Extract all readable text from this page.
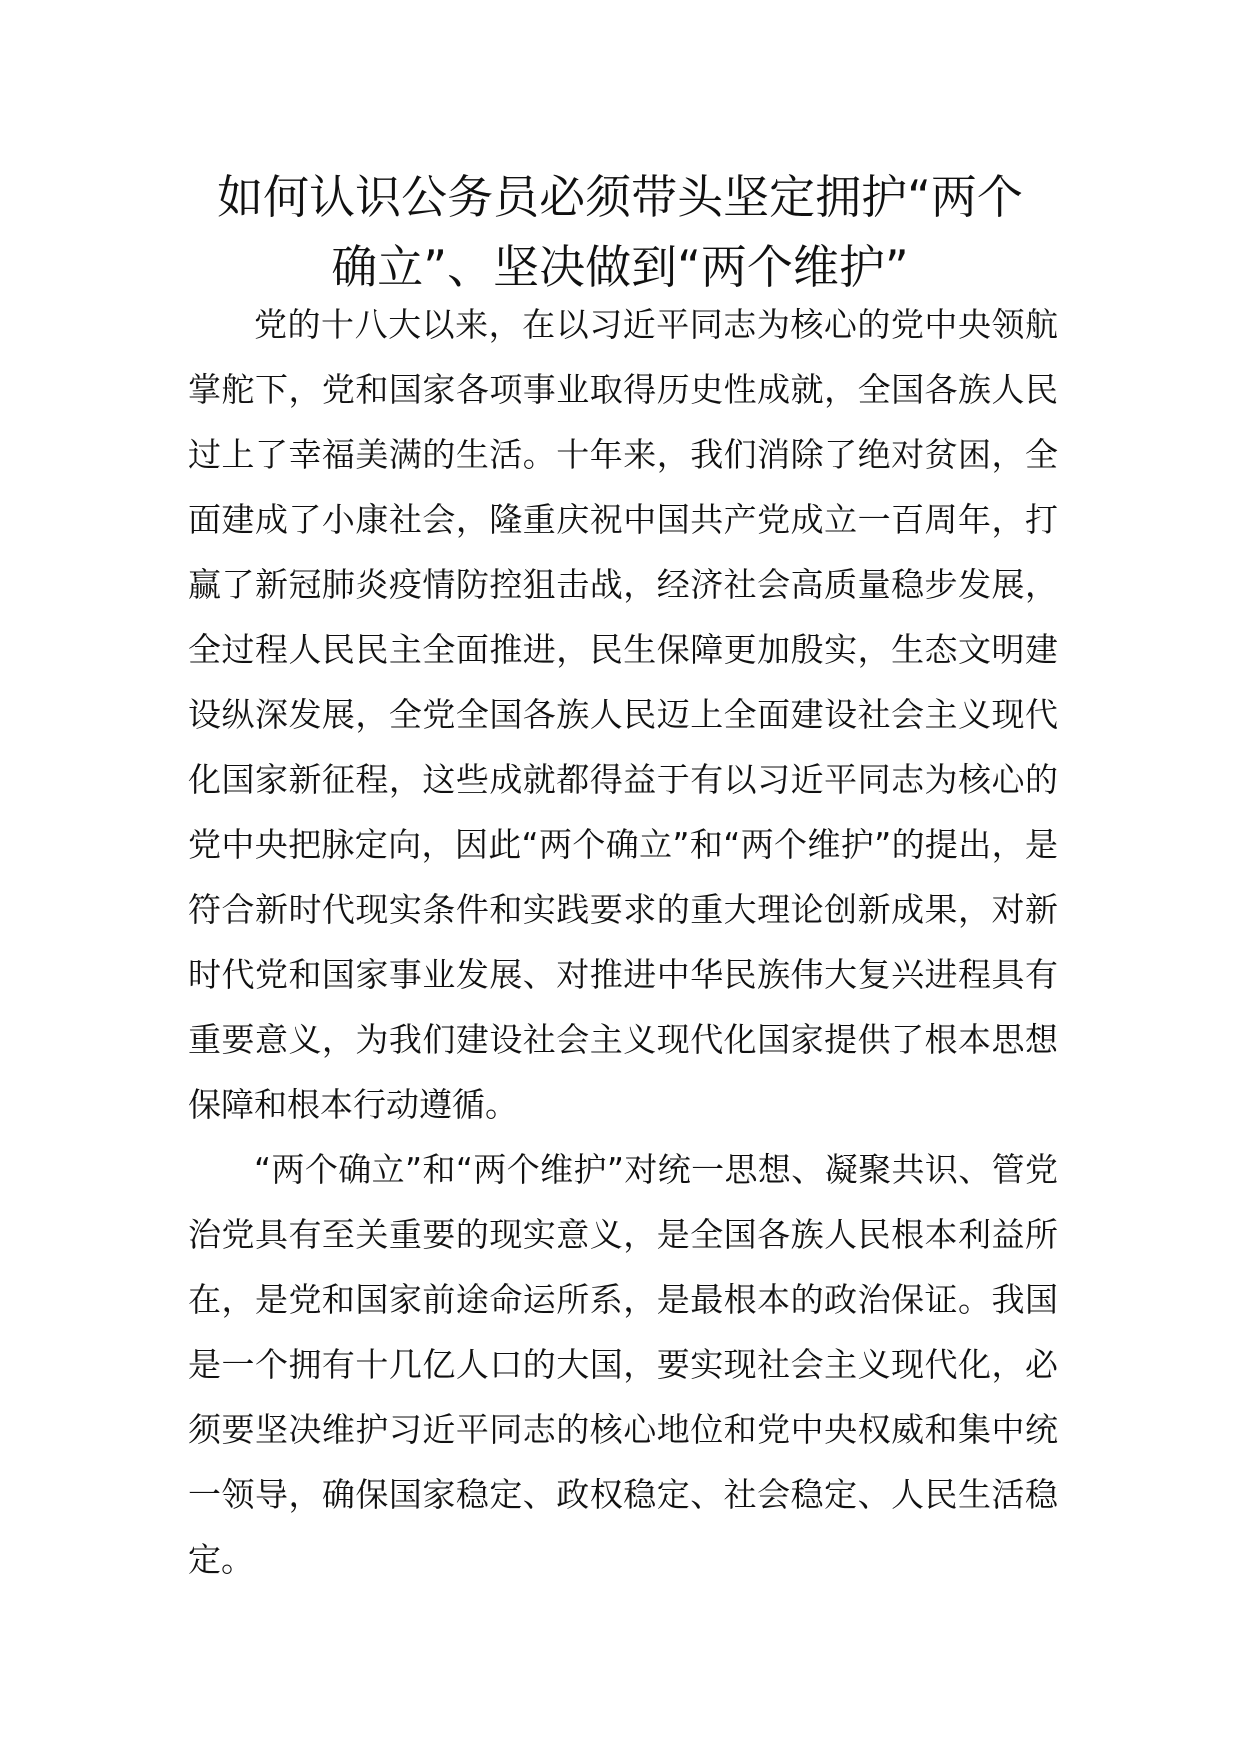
如何认识公务员必须带头坚定拥护“两个
确立”、坚决做到“两个维护”

党的十八大以来，在以习近平同志为核心的党中央领航掌舵下，党和国家各项事业取得历史性成就，全国各族人民过上了幸福美满的生活。十年来，我们消除了绝对贫困，全面建成了小康社会，隆重庆祝中国共产党成立一百周年，打赢了新冠肺炎疫情防控狙击战，经济社会高质量稳步发展，全过程人民民主全面推进，民生保障更加殷实，生态文明建设纵深发展，全党全国各族人民迈上全面建设社会主义现代化国家新征程，这些成就都得益于有以习近平同志为核心的党中央把脉定向，因此“两个确立”和“两个维护”的提出，是符合新时代现实条件和实践要求的重大理论创新成果，对新时代党和国家事业发展、对推进中华民族伟大复兴进程具有重要意义，为我们建设社会主义现代化国家提供了根本思想保障和根本行动遵循。

“两个确立”和“两个维护”对统一思想、凝聚共识、管党治党具有至关重要的现实意义，是全国各族人民根本利益所在，是党和国家前途命运所系，是最根本的政治保证。我国是一个拥有十几亿人口的大国，要实现社会主义现代化，必须要坚决维护习近平同志的核心地位和党中央权威和集中统一领导，确保国家稳定、政权稳定、社会稳定、人民生活稳定。
